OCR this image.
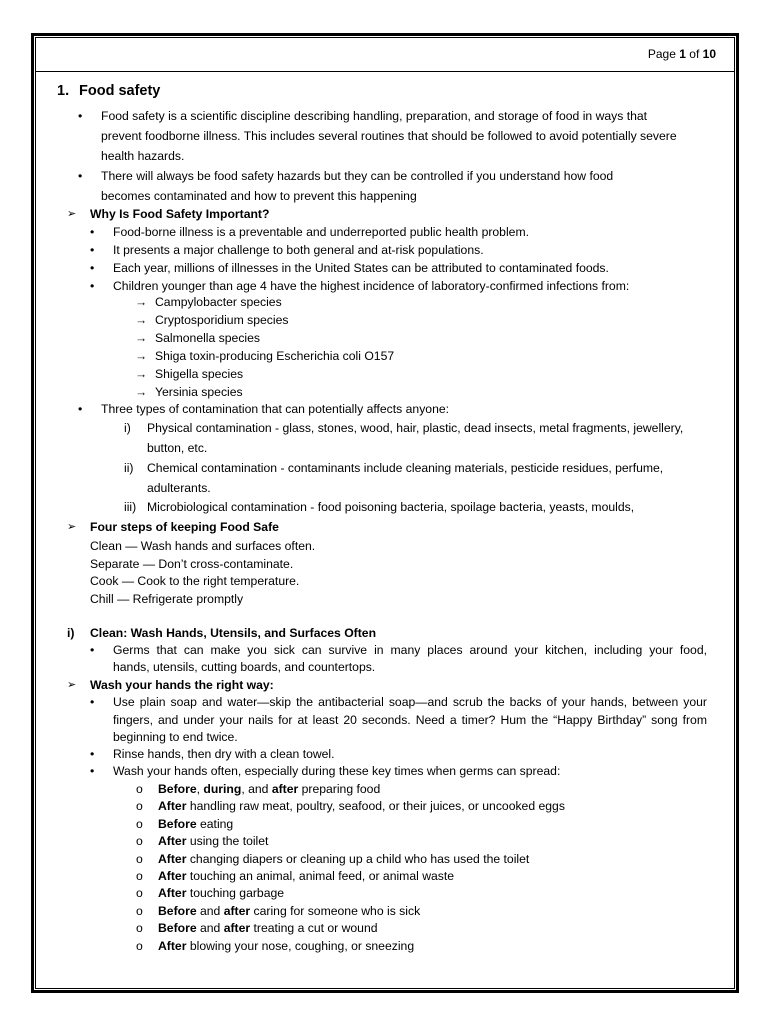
Page 1 of 10
1. Food safety
• Food safety is a scientific discipline describing handling, preparation, and storage of food in ways that
prevent foodborne illness. This includes several routines that should be followed to avoid potentially severe
health hazards.
• There will always be food safety hazards but they can be controlled if you understand how food
becomes contaminated and how to prevent this happening
➢ Why Is Food Safety Important?
• Food-borne illness is a preventable and underreported public health problem.
• It presents a major challenge to both general and at-risk populations.
• Each year, millions of illnesses in the United States can be attributed to contaminated foods.
• Children younger than age 4 have the highest incidence of laboratory-confirmed infections from:
→ Campylobacter species
→ Cryptosporidium species
→ Salmonella species
→ Shiga toxin-producing Escherichia coli O157
→ Shigella species
→ Yersinia species
• Three types of contamination that can potentially affects anyone:
i) Physical contamination - glass, stones, wood, hair, plastic, dead insects, metal fragments, jewellery,
button, etc.
ii) Chemical contamination - contaminants include cleaning materials, pesticide residues, perfume,
adulterants.
iii) Microbiological contamination - food poisoning bacteria, spoilage bacteria, yeasts, moulds,
➢ Four steps of keeping Food Safe
Clean — Wash hands and surfaces often.
Separate — Don’t cross-contaminate.
Cook — Cook to the right temperature.
Chill — Refrigerate promptly
i) Clean: Wash Hands, Utensils, and Surfaces Often
• Germs that can make you sick can survive in many places around your kitchen, including your food,
hands, utensils, cutting boards, and countertops.
➢ Wash your hands the right way:
• Use plain soap and water—skip the antibacterial soap—and scrub the backs of your hands, between your
fingers, and under your nails for at least 20 seconds. Need a timer? Hum the “Happy Birthday” song from
beginning to end twice.
• Rinse hands, then dry with a clean towel.
• Wash your hands often, especially during these key times when germs can spread:
o Before, during, and after preparing food
o After handling raw meat, poultry, seafood, or their juices, or uncooked eggs
o Before eating
o After using the toilet
o After changing diapers or cleaning up a child who has used the toilet
o After touching an animal, animal feed, or animal waste
o After touching garbage
o Before and after caring for someone who is sick
o Before and after treating a cut or wound
o After blowing your nose, coughing, or sneezing
